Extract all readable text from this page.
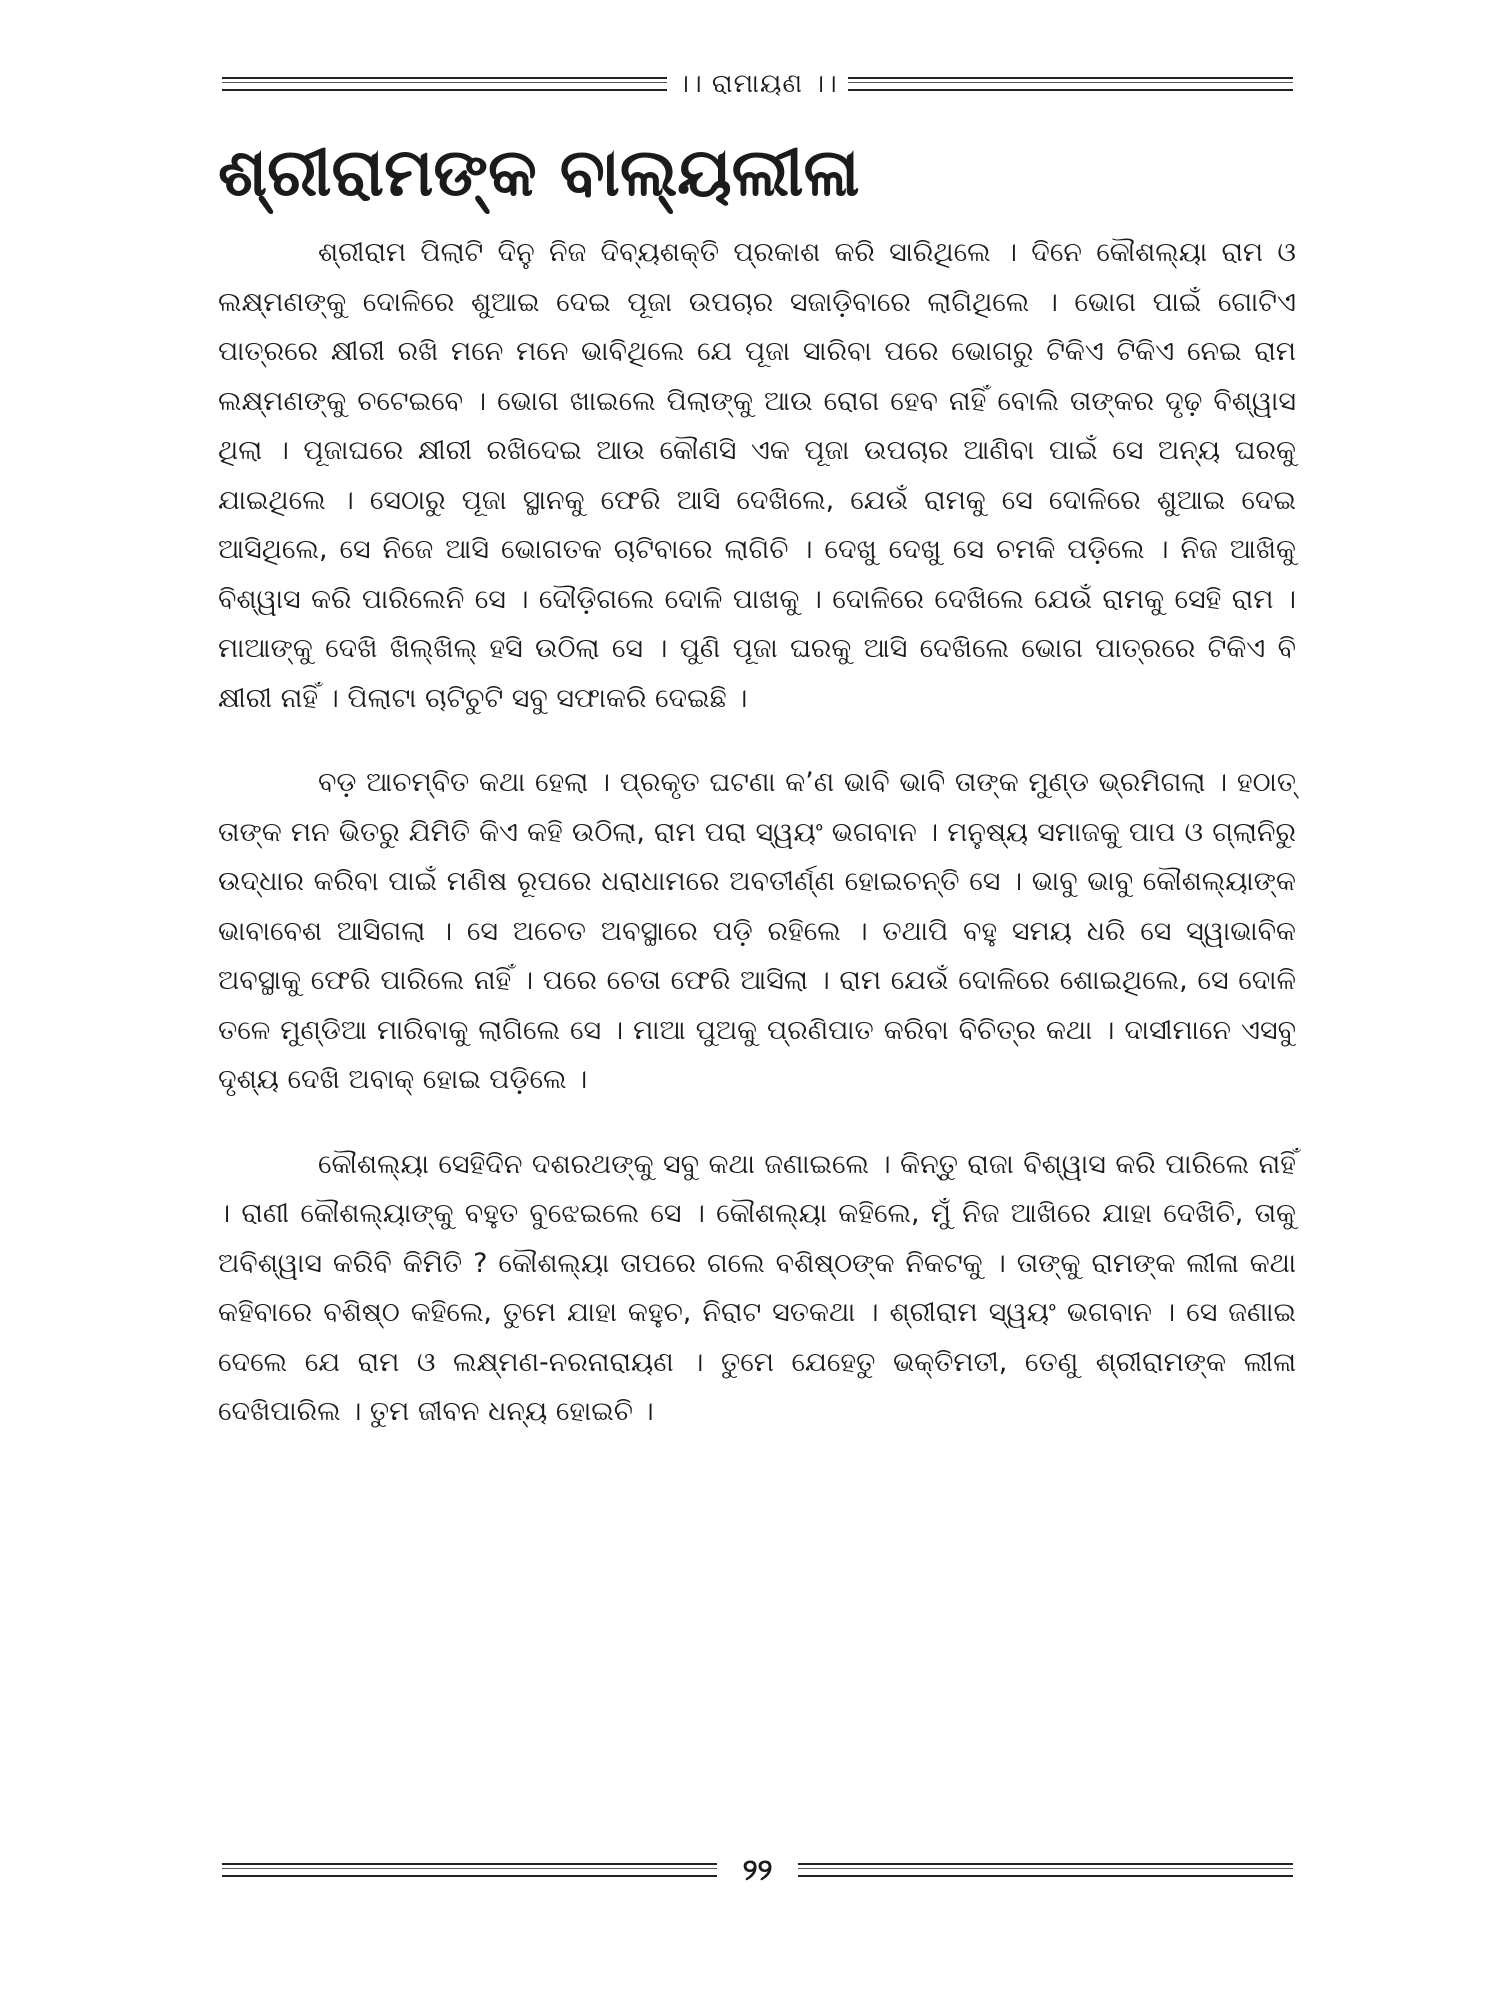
।। ରାମାୟଣ ।।
ଶ୍ରୀରାମଙ୍କ ବାଲ୍ୟଲୀଳା

ଶ୍ରୀରାମ ପିଲାଟି ଦିନୁ ନିଜ ଦିବ୍ୟଶକ୍ତି ପ୍ରକାଶ କରି ସାରିଥିଲେ । ଦିନେ କୌଶଲ୍ୟା ରାମ ଓ ଲକ୍ଷ୍ମଣଙ୍କୁ ଦୋଳିରେ ଶୁଆଇ ଦେଇ ପୂଜା ଉପଚାର ସଜାଡ଼ିବାରେ ଲାଗିଥିଲେ । ଭୋଗ ପାଇଁ ଗୋଟିଏ ପାତ୍ରରେ କ୍ଷୀରୀ ରଖି ମନେ ମନେ ଭାବିଥିଲେ ଯେ ପୂଜା ସାରିବା ପରେ ଭୋଗରୁ ଟିକିଏ ଟିକିଏ ନେଇ ରାମ ଲକ୍ଷ୍ମଣଙ୍କୁ ଚଟେଇବେ । ଭୋଗ ଖାଇଲେ ପିଲାଙ୍କୁ ଆଉ ରୋଗ ହେବ ନାହିଁ ବୋଲି ତାଙ୍କର ଦୃଢ଼ ବିଶ୍ୱାସ ଥିଲା । ପୂଜାଘରେ କ୍ଷୀରୀ ରଖିଦେଇ ଆଉ କୌଣସି ଏକ ପୂଜା ଉପଚାର ଆଣିବା ପାଇଁ ସେ ଅନ୍ୟ ଘରକୁ ଯାଇଥିଲେ । ସେଠାରୁ ପୂଜା ସ୍ଥାନକୁ ଫେରି ଆସି ଦେଖିଲେ, ଯେଉଁ ରାମକୁ ସେ ଦୋଳିରେ ଶୁଆଇ ଦେଇ ଆସିଥିଲେ, ସେ ନିଜେ ଆସି ଭୋଗତକ ଚାଟିବାରେ ଲାଗିଚି । ଦେଖୁ ଦେଖୁ ସେ ଚମକି ପଡ଼ିଲେ । ନିଜ ଆଖିକୁ ବିଶ୍ୱାସ କରି ପାରିଲେନି ସେ । ଦୌଡ଼ିଗଲେ ଦୋଳି ପାଖକୁ । ଦୋଳିରେ ଦେଖିଲେ ଯେଉଁ ରାମକୁ ସେହି ରାମ । ମାଆଙ୍କୁ ଦେଖି ଖିଲ୍‌ଖିଲ୍ ହସି ଉଠିଲା ସେ । ପୁଣି ପୂଜା ଘରକୁ ଆସି ଦେଖିଲେ ଭୋଗ ପାତ୍ରରେ ଟିକିଏ ବି କ୍ଷୀରୀ ନାହିଁ । ପିଲାଟା ଚାଟିଚୁଟି ସବୁ ସଫାକରି ଦେଇଛି ।

ବଡ଼ ଆଚମ୍ବିତ କଥା ହେଲା । ପ୍ରକୃତ ଘଟଣା କ’ଣ ଭାବି ଭାବି ତାଙ୍କ ମୁଣ୍ଡ ଭ୍ରମିଗଲା । ହଠାତ୍ ତାଙ୍କ ମନ ଭିତରୁ ଯିମିତି କିଏ କହି ଉଠିଲା, ରାମ ପରା ସ୍ୱୟଂ ଭଗବାନ । ମନୁଷ୍ୟ ସମାଜକୁ ପାପ ଓ ଗ୍ଲାନିରୁ ଉଦ୍ଧାର କରିବା ପାଇଁ ମଣିଷ ରୂପରେ ଧରାଧାମରେ ଅବତୀର୍ଣ୍ଣ ହୋଇଚନ୍ତି ସେ । ଭାବୁ ଭାବୁ କୌଶଲ୍ୟାଙ୍କ ଭାବାବେଶ ଆସିଗଲା । ସେ ଅଚେତ ଅବସ୍ଥାରେ ପଡ଼ି ରହିଲେ । ତଥାପି ବହୁ ସମୟ ଧରି ସେ ସ୍ୱାଭାବିକ ଅବସ୍ଥାକୁ ଫେରି ପାରିଲେ ନାହିଁ । ପରେ ଚେତା ଫେରି ଆସିଲା । ରାମ ଯେଉଁ ଦୋଳିରେ ଶୋଇଥିଲେ, ସେ ଦୋଳି ତଳେ ମୁଣ୍ଡିଆ ମାରିବାକୁ ଲାଗିଲେ ସେ । ମାଆ ପୁଅକୁ ପ୍ରଣିପାତ କରିବା ବିଚିତ୍ର କଥା । ଦାସୀମାନେ ଏସବୁ ଦୃଶ୍ୟ ଦେଖି ଅବାକ୍ ହୋଇ ପଡ଼ିଲେ ।

କୌଶଲ୍ୟା ସେହିଦିନ ଦଶରଥଙ୍କୁ ସବୁ କଥା ଜଣାଇଲେ । କିନ୍ତୁ ରାଜା ବିଶ୍ୱାସ କରି ପାରିଲେ ନାହିଁ । ରାଣୀ କୌଶଲ୍ୟାଙ୍କୁ ବହୁତ ବୁଝେଇଲେ ସେ । କୌଶଲ୍ୟା କହିଲେ, ମୁଁ ନିଜ ଆଖିରେ ଯାହା ଦେଖିଚି, ତାକୁ ଅବିଶ୍ୱାସ କରିବି କିମିତି ? କୌଶଲ୍ୟା ତାପରେ ଗଲେ ବଶିଷ୍ଠଙ୍କ ନିକଟକୁ । ତାଙ୍କୁ ରାମଙ୍କ ଲୀଳା କଥା କହିବାରେ ବଶିଷ୍ଠ କହିଲେ, ତୁମେ ଯାହା କହୁଚ, ନିରାଟ ସତକଥା । ଶ୍ରୀରାମ ସ୍ୱୟଂ ଭଗବାନ । ସେ ଜଣାଇ ଦେଲେ ଯେ ରାମ ଓ ଲକ୍ଷ୍ମଣ-ନରନାରାୟଣ । ତୁମେ ଯେହେତୁ ଭକ୍ତିମତୀ, ତେଣୁ ଶ୍ରୀରାମଙ୍କ ଲୀଳା ଦେଖିପାରିଲ । ତୁମ ଜୀବନ ଧନ୍ୟ ହୋଇଚି ।

୨୨
